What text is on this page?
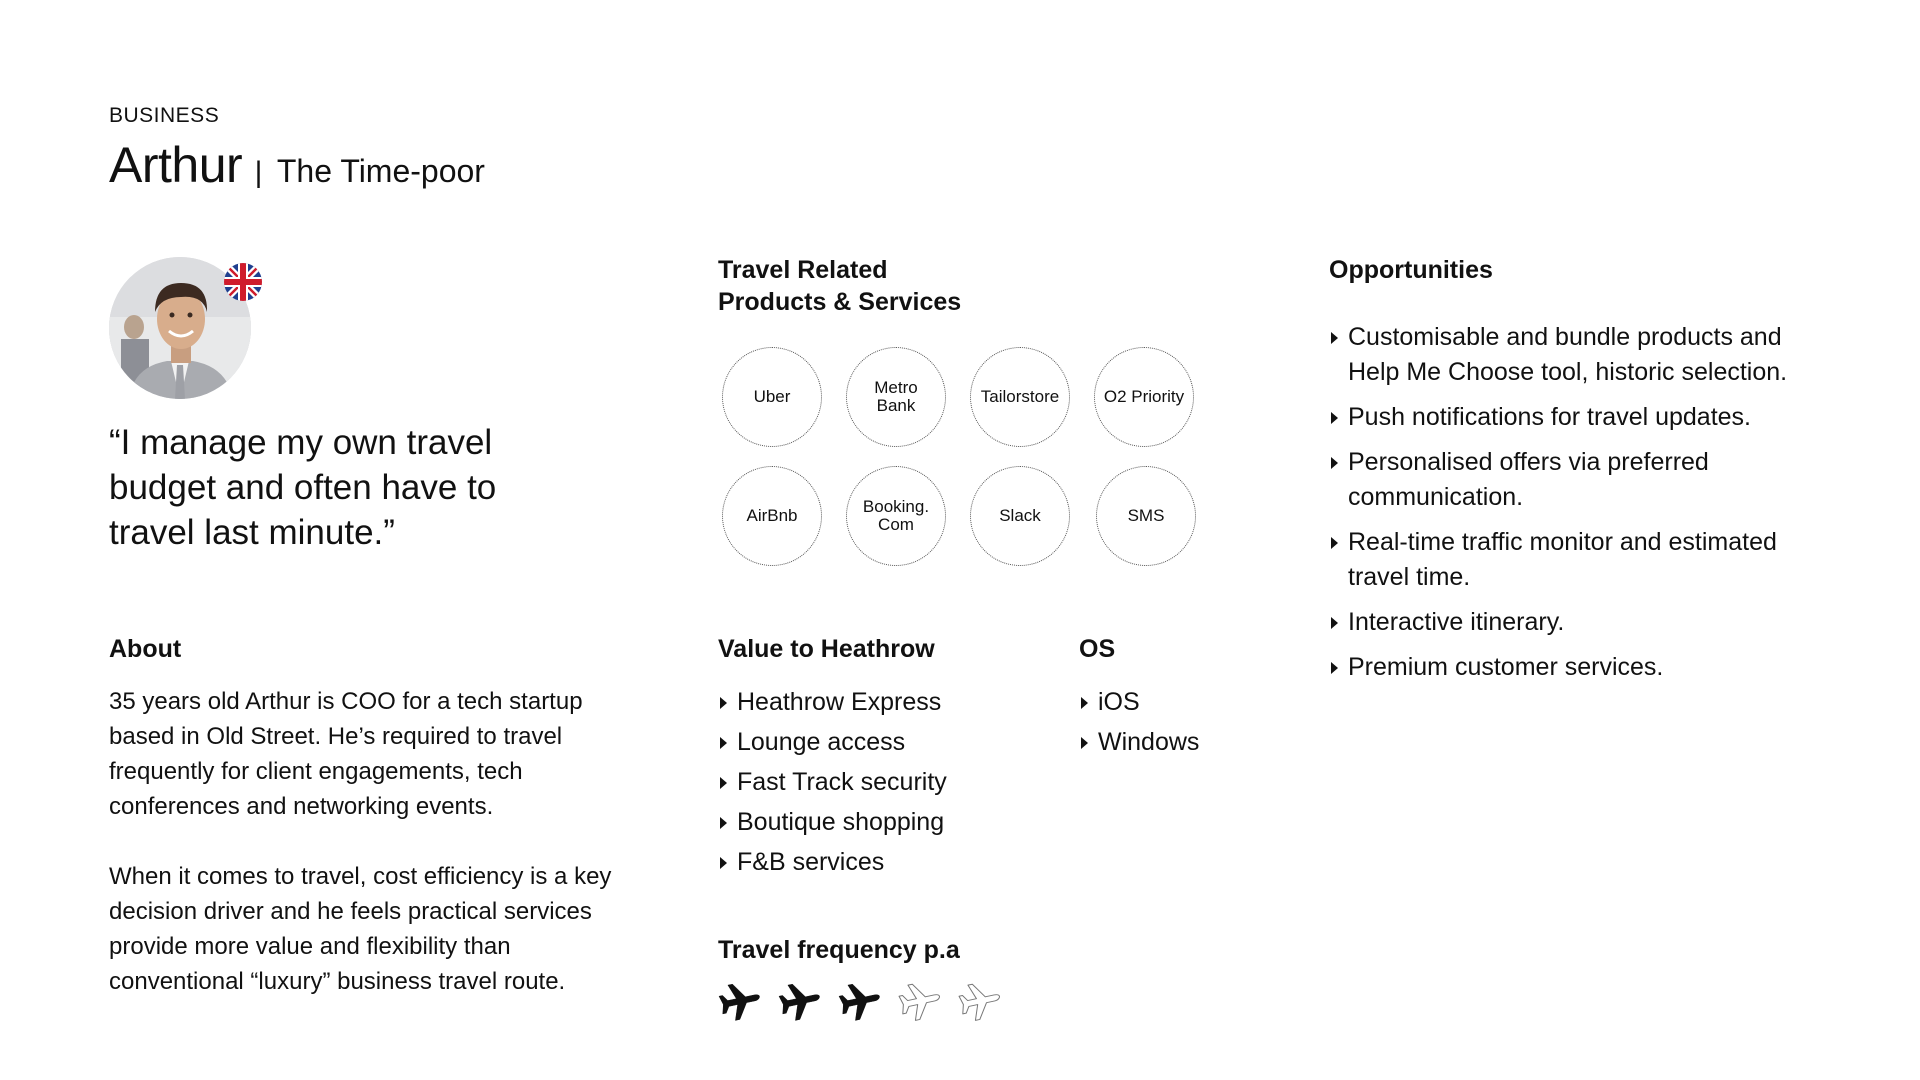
BUSINESS
Arthur | The Time-poor
“I manage my own travel budget and often have to travel last minute.”
About

35 years old Arthur is COO for a tech startup based in Old Street. He’s required to travel frequently for client engagements, tech conferences and networking events.

When it comes to travel, cost efficiency is a key decision driver and he feels practical services provide more value and flexibility than conventional “luxury” business travel route.

Travel Related
Products & Services
Uber	Metro Bank	Tailorstore	O2 Priority
AirBnb	Booking. Com	Slack	SMS
Value to Heathrow
Heathrow Express
Lounge access
Fast Track security
Boutique shopping
F&B services
OS
iOS
Windows
Travel frequency p.a
Opportunities
Customisable and bundle products and Help Me Choose tool, historic selection.
Push notifications for travel updates.
Personalised offers via preferred communication.
Real-time traffic monitor and estimated travel time.
Interactive itinerary.
Premium customer services.
